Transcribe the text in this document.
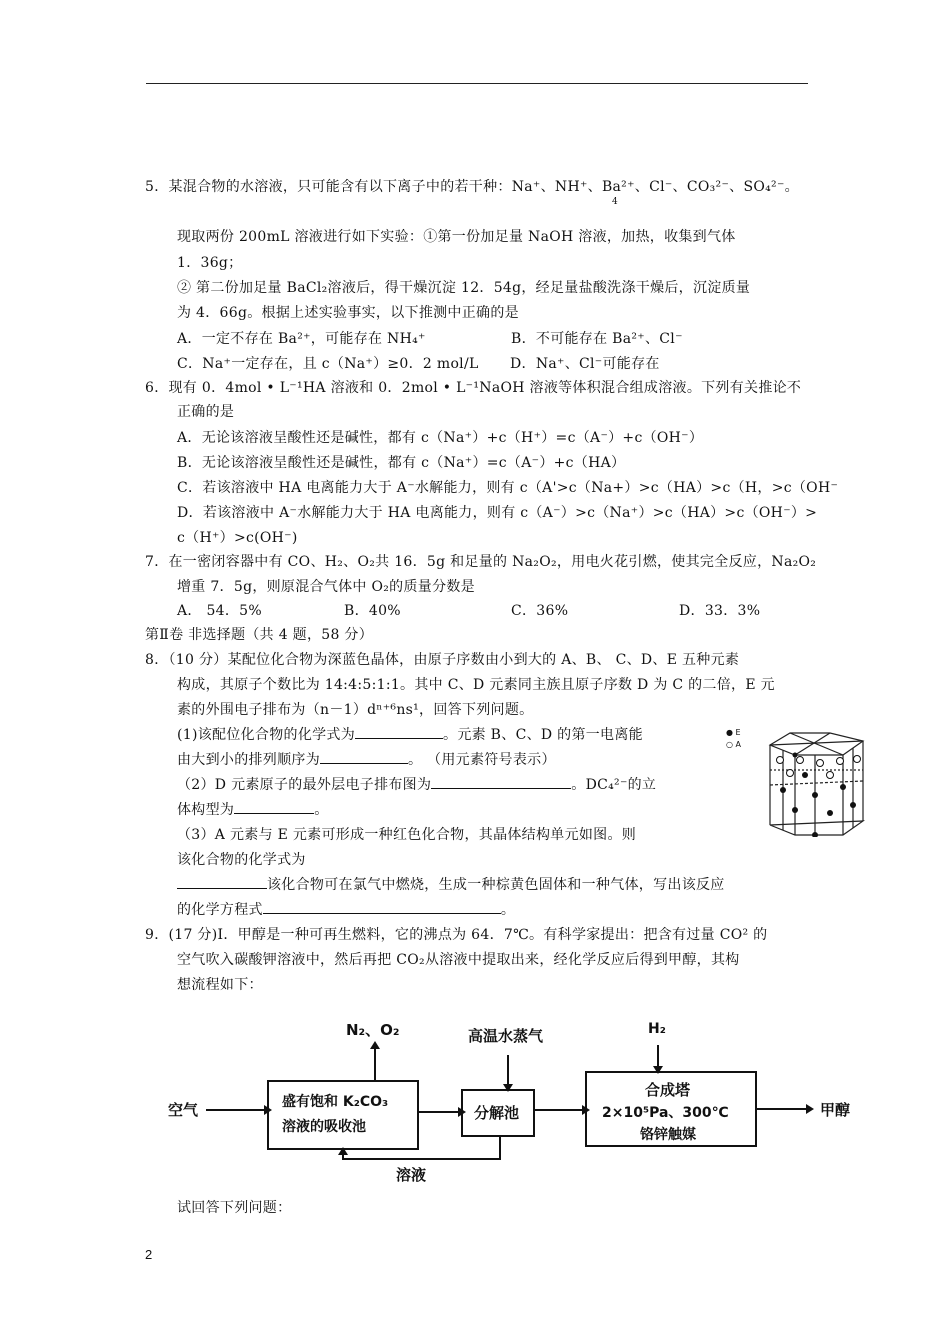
5．某混合物的水溶液，只可能含有以下离子中的若干种：Na⁺、NH⁺、Ba²⁺、Cl⁻、CO₃²⁻、SO₄²⁻。
4
现取两份 200mL 溶液进行如下实验：①第一份加足量 NaOH 溶液，加热，收集到气体
1．36g；
② 第二份加足量 BaCl₂溶液后，得干燥沉淀 12．54g，经足量盐酸洗涤干燥后，沉淀质量
为 4．66g。根据上述实验事实，以下推测中正确的是
A．一定不存在 Ba²⁺，可能存在 NH₄⁺	B．不可能存在 Ba²⁺、Cl⁻
C．Na⁺一定存在，且 c（Na⁺）≥0．2 mol/L D．Na⁺、Cl⁻可能存在
6．现有 0．4mol • L⁻¹HA 溶液和 0．2mol • L⁻¹NaOH 溶液等体积混合组成溶液。下列有关推论不
正确的是
A．无论该溶液呈酸性还是碱性，都有 c（Na⁺）+c（H⁺）=c（A⁻）+c（OH⁻）
B．无论该溶液呈酸性还是碱性，都有 c（Na⁺）=c（A⁻）+c（HA）
C．若该溶液中 HA 电离能力大于 A⁻水解能力，则有 c（A'>c（Na+）>c（HA）>c（H，>c（OH⁻
D．若该溶液中 A⁻水解能力大于 HA 电离能力，则有 c（A⁻）>c（Na⁺）>c（HA）>c（OH⁻）>
c（H⁺）>c(OH⁻)
7．在一密闭容器中有 CO、H₂、O₂共 16．5g 和足量的 Na₂O₂，用电火花引燃，使其完全反应，Na₂O₂
增重 7．5g，则原混合气体中 O₂的质量分数是
A． 54．5%	B．40%	C．36%	D．33．3%
第Ⅱ卷 非选择题（共 4 题，58 分）
8．（10 分）某配位化合物为深蓝色晶体，由原子序数由小到大的 A、B、 C、D、E 五种元素
构成，其原子个数比为 14:4:5:1:1。其中 C、D 元素同主族且原子序数 D 为 C 的二倍，E 元
素的外围电子排布为（n－1）dⁿ⁺⁶ns¹，回答下列问题。
(1)该配位化合物的化学式为	。元素 B、C、D 的第一电离能
由大到小的排列顺序为	。 （用元素符号表示）
（2）D 元素原子的最外层电子排布图为	。DC₄²⁻的立
体构型为	。
（3）A 元素与 E 元素可形成一种红色化合物，其晶体结构单元如图。则
该化合物的化学式为
该化合物可在氯气中燃烧，生成一种棕黄色固体和一种气体，写出该反应
的化学方程式	。
● E
○ A
9．(17 分)I．甲醇是一种可再生燃料，它的沸点为 64．7℃。有科学家提出：把含有过量 CO² 的
空气吹入碳酸钾溶液中，然后再把 CO₂从溶液中提取出来，经化学反应后得到甲醇，其构
想流程如下：
N₂、O₂	高温水蒸气	H₂
空气	盛有饱和 K₂CO₃
溶液的吸收池
分解池
合成塔
2×10⁵Pa、300℃
铬锌触媒
甲醇
溶液
试回答下列问题：
2
